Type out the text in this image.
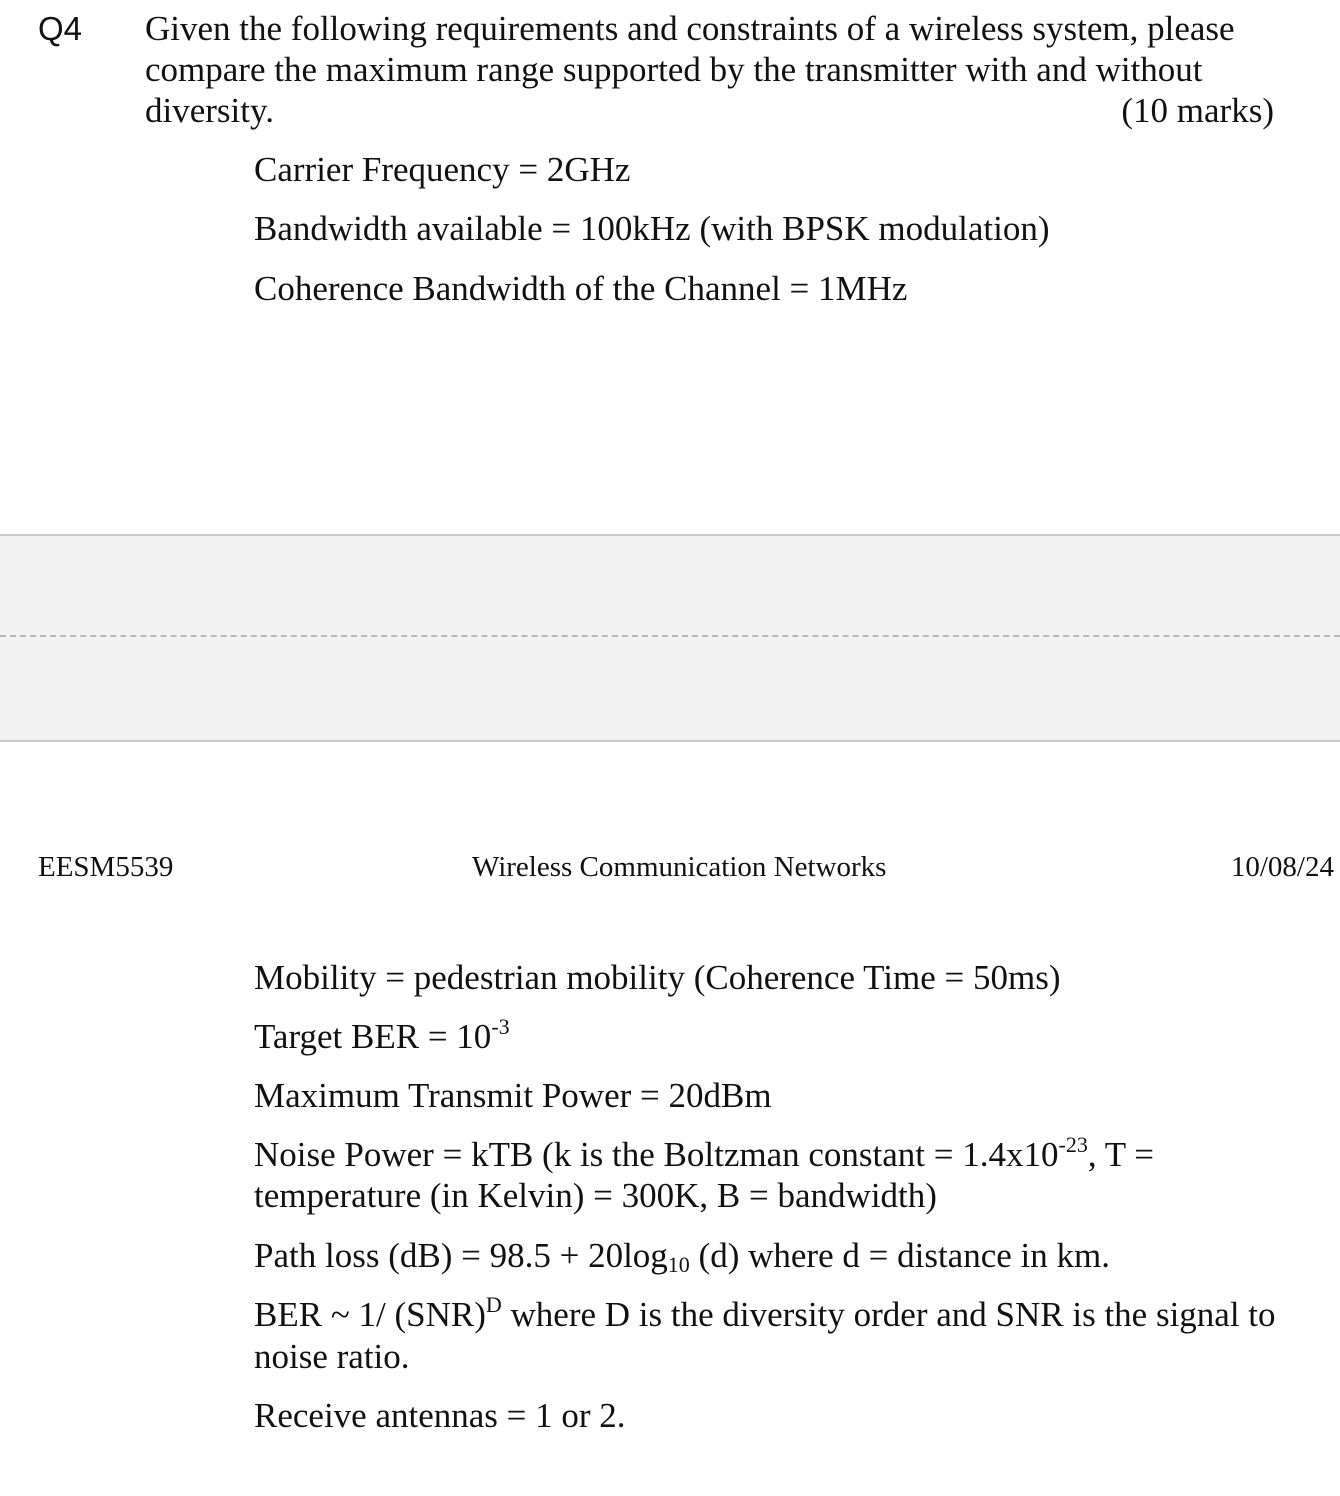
Q4 Given the following requirements and constraints of a wireless system, please
compare the maximum range supported by the transmitter with and without
diversity.	(10 marks)
Carrier Frequency = 2GHz
Bandwidth available = 100kHz (with BPSK modulation)
Coherence Bandwidth of the Channel = 1MHz
EESM5539	Wireless Communication Networks	10/08/24
Mobility = pedestrian mobility (Coherence Time = 50ms)
Target BER = $10^{-3}$
Maximum Transmit Power = 20dBm
Noise Power = kTB (k is the Boltzman constant = $1.4x10^{-23}$, T =
temperature (in Kelvin) = 300K, B = bandwidth)
Path loss $(dB) = 98.5 + 20\log_{10}$ (d) where d = distance in km.
BER ~ 1/ (SNR)$^D$ where D is the diversity order and SNR is the signal to
noise ratio.
Receive antennas = 1 or 2.
